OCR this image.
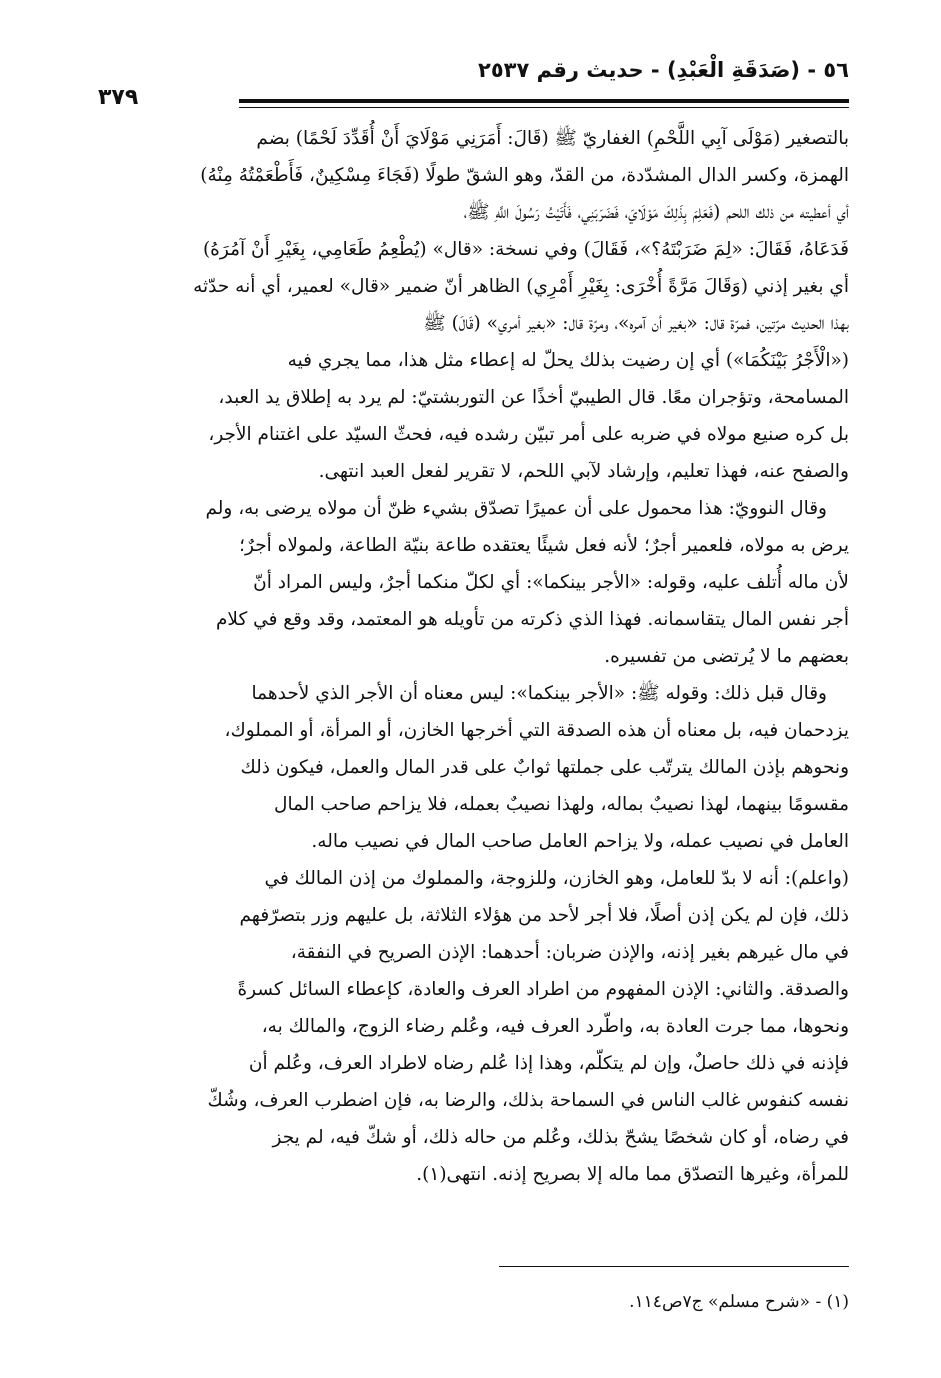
٥٦ - (صَدَقَةِ الْعَبْدِ) - حديث رقم ٢٥٣٧
٣٧٩
بالتصغير (مَوْلَى آبِي اللَّحْمِ) الغفاريّ ﷺ (قَالَ: أَمَرَنِي مَوْلَايَ أَنْ أُقَدِّدَ لَحْمًا) بضم
الهمزة، وكسر الدال المشدّدة، من القدّ، وهو الشقّ طولًا (فَجَاءَ مِسْكِينٌ، فَأَطْعَمْتُهُ مِنْهُ)
أي أعطيته من ذلك اللحم (فَعَلِمَ بِذَلِكَ مَوْلَايَ، فَضَرَبَنِي، فَأَتَيْتُ رَسُولَ اللَّهِ ﷺ،
فَدَعَاهُ، فَقَالَ: «لِمَ ضَرَبْتَهُ؟»، فَقَالَ) وفي نسخة: «قال» (يُطْعِمُ طَعَامِي، بِغَيْرِ أَنْ آمُرَهُ)
أي بغير إذني (وَقَالَ مَرَّةً أُخْرَى: بِغَيْرِ أَمْرِي) الظاهر أنّ ضمير «قال» لعمير، أي أنه حدّثه
بهذا الحديث مرّتين، فمرّة قال: «بغير أن آمره»، ومرّة قال: «بغير أمري» (قَالَ) ﷺ
(«الْأَجْرُ بَيْنَكُمَا») أي إن رضيت بذلك يحلّ له إعطاء مثل هذا، مما يجري فيه
المسامحة، وتؤجران معًا. قال الطيبيّ أخذًا عن التوربشتيّ: لم يرد به إطلاق يد العبد،
بل كره صنيع مولاه في ضربه على أمر تبيّن رشده فيه، فحثّ السيّد على اغتنام الأجر،
والصفح عنه، فهذا تعليم، وإرشاد لآبي اللحم، لا تقرير لفعل العبد انتهى.
وقال النوويّ: هذا محمول على أن عميرًا تصدّق بشيء ظنّ أن مولاه يرضى به، ولم
يرض به مولاه، فلعمير أجرٌ؛ لأنه فعل شيئًا يعتقده طاعة بنيّة الطاعة، ولمولاه أجرٌ؛
لأن ماله أُتلف عليه، وقوله: «الأجر بينكما»: أي لكلّ منكما أجرٌ، وليس المراد أنّ
أجر نفس المال يتقاسمانه. فهذا الذي ذكرته من تأويله هو المعتمد، وقد وقع في كلام
بعضهم ما لا يُرتضى من تفسيره.
وقال قبل ذلك: وقوله ﷺ: «الأجر بينكما»: ليس معناه أن الأجر الذي لأحدهما
يزدحمان فيه، بل معناه أن هذه الصدقة التي أخرجها الخازن، أو المرأة، أو المملوك،
ونحوهم بإذن المالك يترتّب على جملتها ثوابٌ على قدر المال والعمل، فيكون ذلك
مقسومًا بينهما، لهذا نصيبٌ بماله، ولهذا نصيبٌ بعمله، فلا يزاحم صاحب المال
العامل في نصيب عمله، ولا يزاحم العامل صاحب المال في نصيب ماله.
(واعلم): أنه لا بدّ للعامل، وهو الخازن، وللزوجة، والمملوك من إذن المالك في
ذلك، فإن لم يكن إذن أصلًا، فلا أجر لأحد من هؤلاء الثلاثة، بل عليهم وزر بتصرّفهم
في مال غيرهم بغير إذنه، والإذن ضربان: أحدهما: الإذن الصريح في النفقة،
والصدقة. والثاني: الإذن المفهوم من اطراد العرف والعادة، كإعطاء السائل كسرةً
ونحوها، مما جرت العادة به، واطّرد العرف فيه، وعُلم رضاء الزوج، والمالك به،
فإذنه في ذلك حاصلٌ، وإن لم يتكلّم، وهذا إذا عُلم رضاه لاطراد العرف، وعُلم أن
نفسه كنفوس غالب الناس في السماحة بذلك، والرضا به، فإن اضطرب العرف، وشُكّ
في رضاه، أو كان شخصًا يشحّ بذلك، وعُلم من حاله ذلك، أو شكّ فيه، لم يجز
للمرأة، وغيرها التصدّق مما ماله إلا بصريح إذنه. انتهى(١).
(١) - «شرح مسلم» ج٧ص١١٤.
